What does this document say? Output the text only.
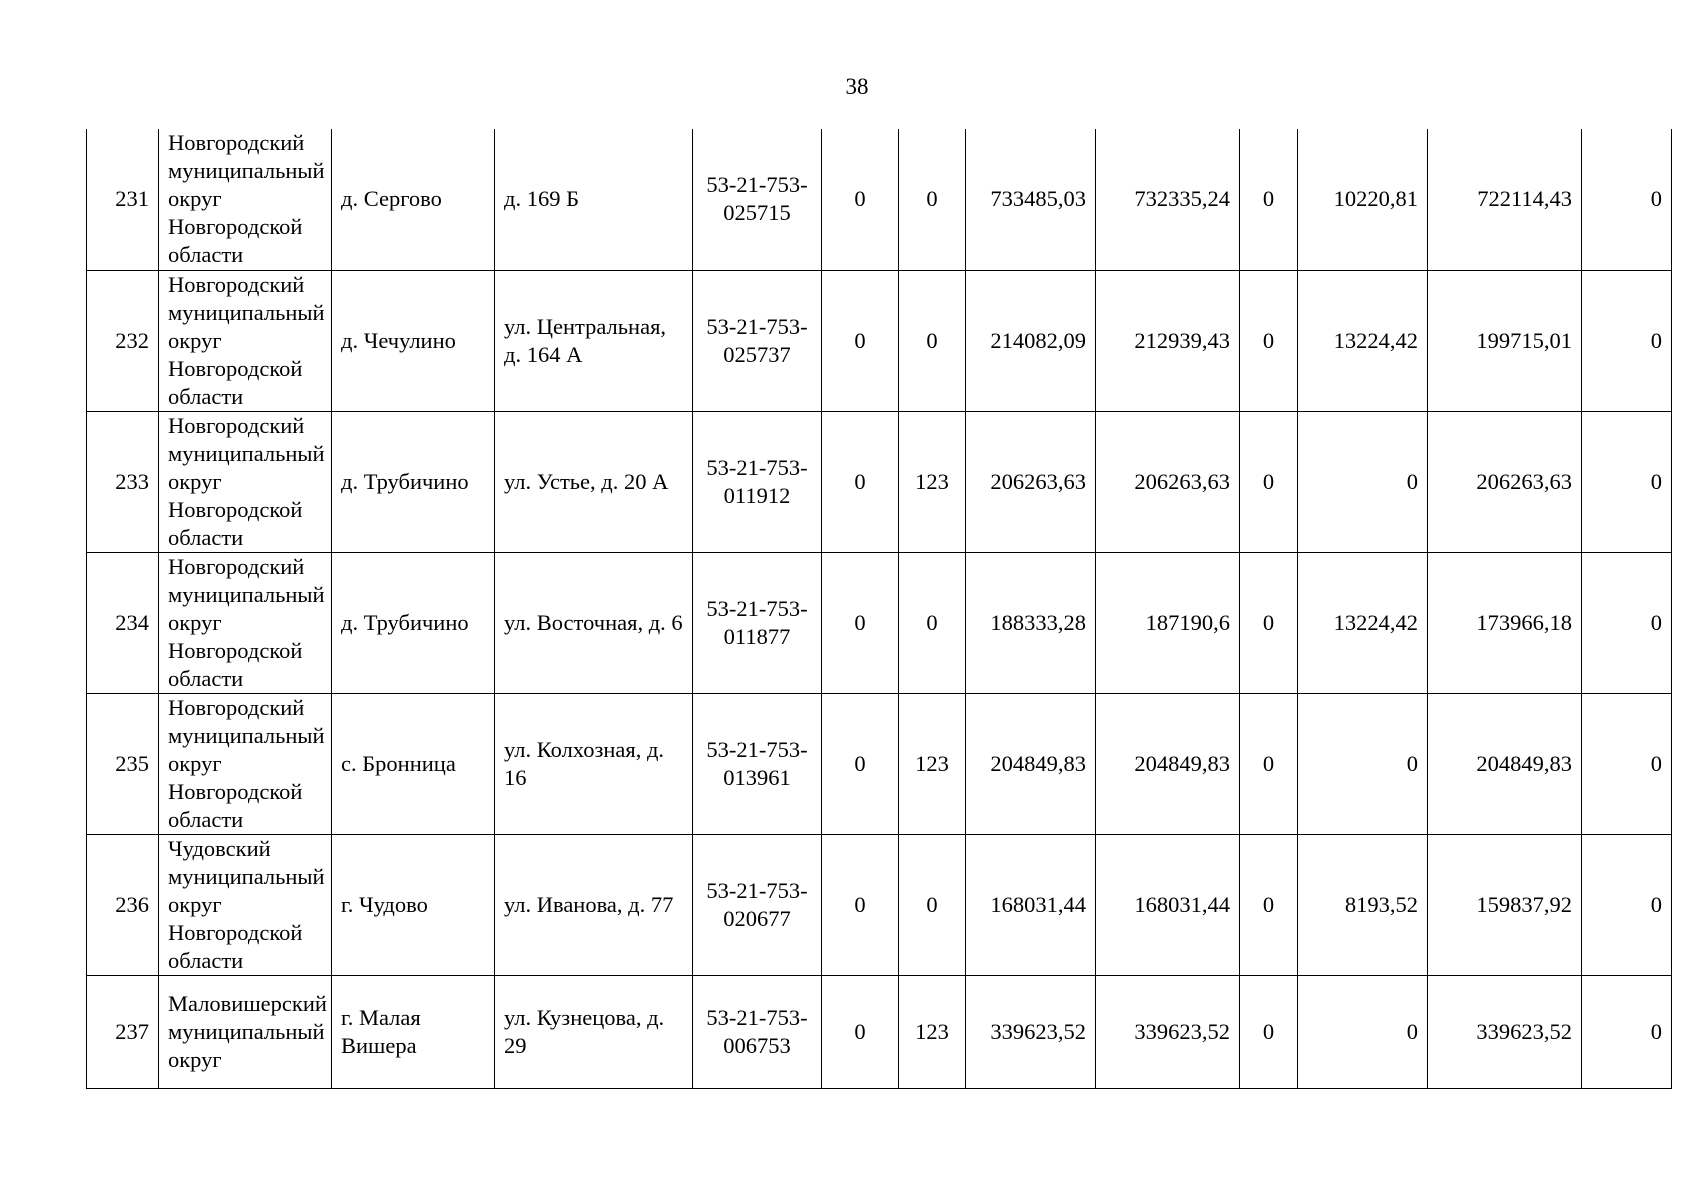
38
231	Новгородский муниципальный округ Новгородской области	д. Сергово	д. 169 Б	53-21-753-025715	0	0	733485,03	732335,24	0	10220,81	722114,43	0
232	Новгородский муниципальный округ Новгородской области	д. Чечулино	ул. Центральная, д. 164 А	53-21-753-025737	0	0	214082,09	212939,43	0	13224,42	199715,01	0
233	Новгородский муниципальный округ Новгородской области	д. Трубичино	ул. Устье, д. 20 А	53-21-753-011912	0	123	206263,63	206263,63	0	0	206263,63	0
234	Новгородский муниципальный округ Новгородской области	д. Трубичино	ул. Восточная, д. 6	53-21-753-011877	0	0	188333,28	187190,6	0	13224,42	173966,18	0
235	Новгородский муниципальный округ Новгородской области	с. Бронница	ул. Колхозная, д. 16	53-21-753-013961	0	123	204849,83	204849,83	0	0	204849,83	0
236	Чудовский муниципальный округ Новгородской области	г. Чудово	ул. Иванова, д. 77	53-21-753-020677	0	0	168031,44	168031,44	0	8193,52	159837,92	0
237	Маловишерский муниципальный округ	г. Малая Вишера	ул. Кузнецова, д. 29	53-21-753-006753	0	123	339623,52	339623,52	0	0	339623,52	0
